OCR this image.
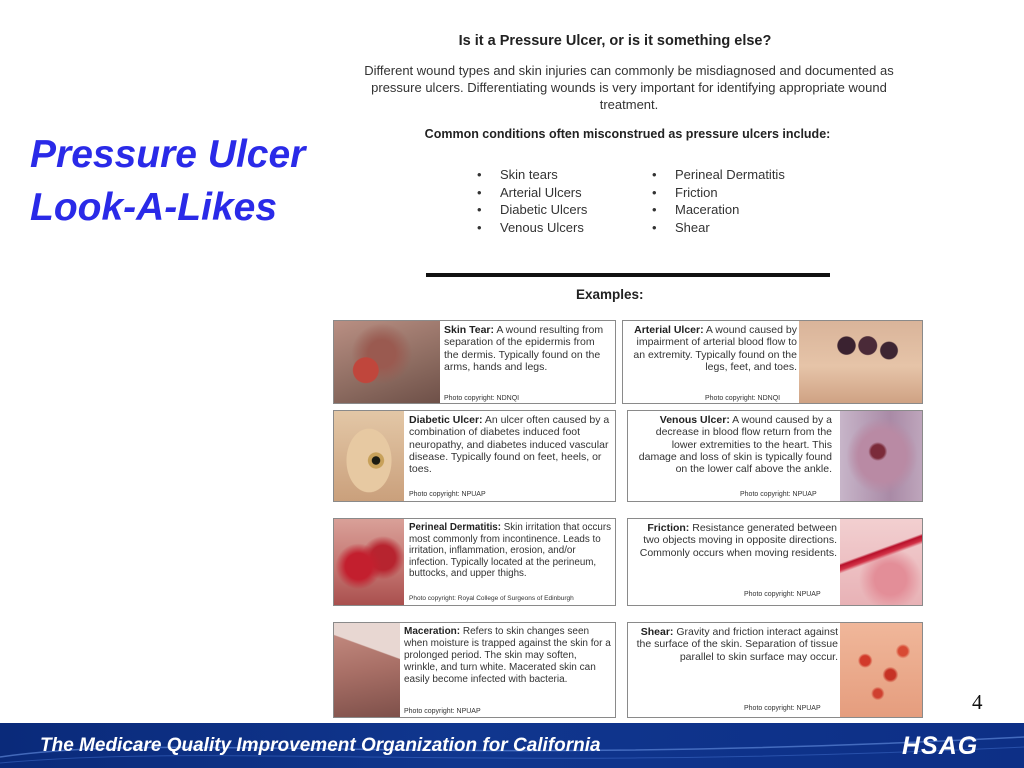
Pressure Ulcer
Look-A-Likes
Is it a Pressure Ulcer, or is it something else?
Different wound types and skin injuries can commonly be misdiagnosed and documented as pressure ulcers. Differentiating wounds is very important for identifying appropriate wound treatment.
Common conditions often misconstrued as pressure ulcers include:
• Skin tears
• Arterial Ulcers
• Diabetic Ulcers
• Venous Ulcers
• Perineal Dermatitis
• Friction
• Maceration
• Shear
Examples:
Skin Tear: A wound resulting from separation of the epidermis from the dermis. Typically found on the arms, hands and legs.
Photo copyright: NDNQI
Arterial Ulcer: A wound caused by impairment of arterial blood flow to an extremity. Typically found on the legs, feet, and toes.
Photo copyright: NDNQI
Diabetic Ulcer: An ulcer often caused by a combination of diabetes induced foot neuropathy, and diabetes induced vascular disease. Typically found on feet, heels, or toes.
Photo copyright: NPUAP
Venous Ulcer: A wound caused by a decrease in blood flow return from the lower extremities to the heart. This damage and loss of skin is typically found on the lower calf above the ankle.
Photo copyright: NPUAP
Perineal Dermatitis: Skin irritation that occurs most commonly from incontinence. Leads to irritation, inflammation, erosion, and/or infection. Typically located at the perineum, buttocks, and upper thighs.
Photo copyright: Royal College of Surgeons of Edinburgh
Friction: Resistance generated between two objects moving in opposite directions. Commonly occurs when moving residents.
Photo copyright: NPUAP
Maceration: Refers to skin changes seen when moisture is trapped against the skin for a prolonged period. The skin may soften, wrinkle, and turn white. Macerated skin can easily become infected with bacteria.
Photo copyright: NPUAP
Shear: Gravity and friction interact against the surface of the skin. Separation of tissue parallel to skin surface may occur.
Photo copyright: NPUAP	4
The Medicare Quality Improvement Organization for California	HSAG
